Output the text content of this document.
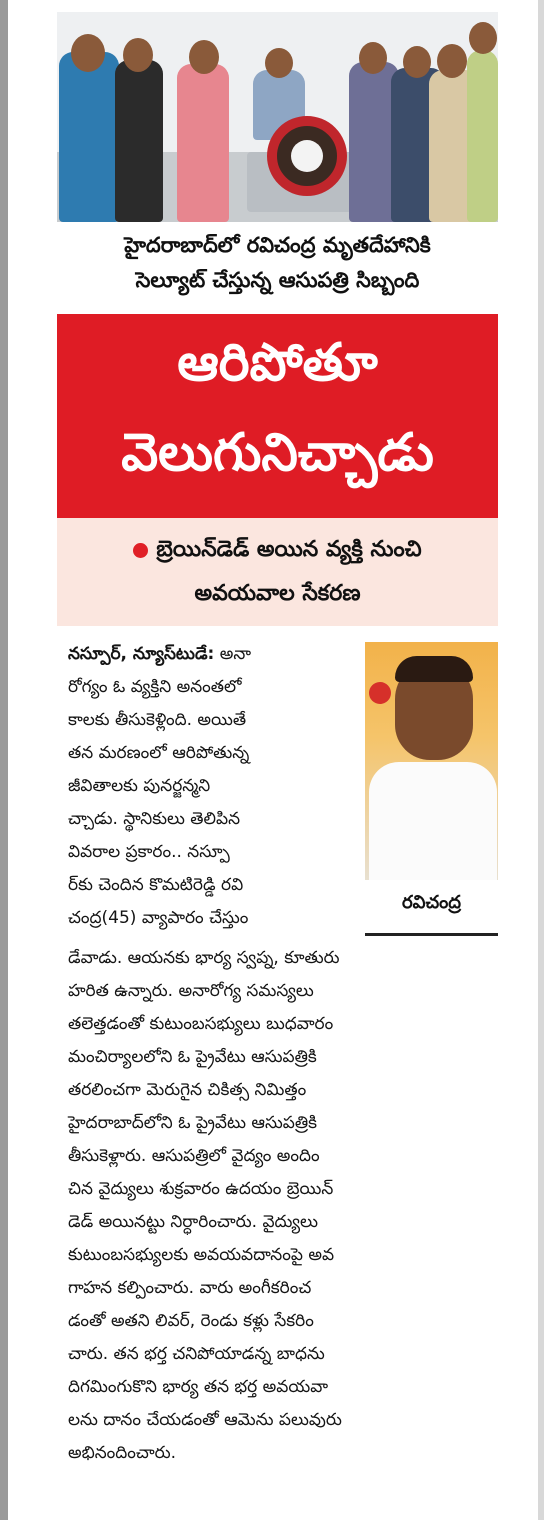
హైదరాబాద్‌లో రవిచంద్ర మృతదేహానికి
సెల్యూట్ చేస్తున్న ఆసుపత్రి సిబ్బంది
ఆరిపోతూ
వెలుగునిచ్చాడు
బ్రెయిన్‌డెడ్ అయిన వ్యక్తి నుంచి
అవయవాల సేకరణ
రవిచంద్ర
నస్పూర్, న్యూస్‌టుడే: అనా
రోగ్యం ఓ వ్యక్తిని అనంతలో
కాలకు తీసుకెళ్లింది. అయితే
తన మరణంలో ఆరిపోతున్న
జీవితాలకు పునర్జన్మని
చ్చాడు. స్థానికులు తెలిపిన
వివరాల ప్రకారం.. నస్పూ
ర్‌కు చెందిన కొమటిరెడ్డి రవి
చంద్ర(45) వ్యాపారం చేస్తుం
డేవాడు. ఆయనకు భార్య స్వప్న, కూతురు
హరిత ఉన్నారు. అనారోగ్య సమస్యలు
తలెత్తడంతో కుటుంబసభ్యులు బుధవారం
మంచిర్యాలలోని ఓ ప్రైవేటు ఆసుపత్రికి
తరలించగా మెరుగైన చికిత్స నిమిత్తం
హైదరాబాద్‌లోని ఓ ప్రైవేటు ఆసుపత్రికి
తీసుకెళ్లారు. ఆసుపత్రిలో వైద్యం అందిం
చిన వైద్యులు శుక్రవారం ఉదయం బ్రెయిన్
డెడ్ అయినట్టు నిర్ధారించారు. వైద్యులు
కుటుంబసభ్యులకు అవయవదానంపై అవ
గాహన కల్పించారు. వారు అంగీకరించ
డంతో అతని లివర్, రెండు కళ్లు సేకరిం
చారు. తన భర్త చనిపోయాడన్న బాధను
దిగమింగుకొని భార్య తన భర్త అవయవా
లను దానం చేయడంతో ఆమెను పలువురు
అభినందించారు.
